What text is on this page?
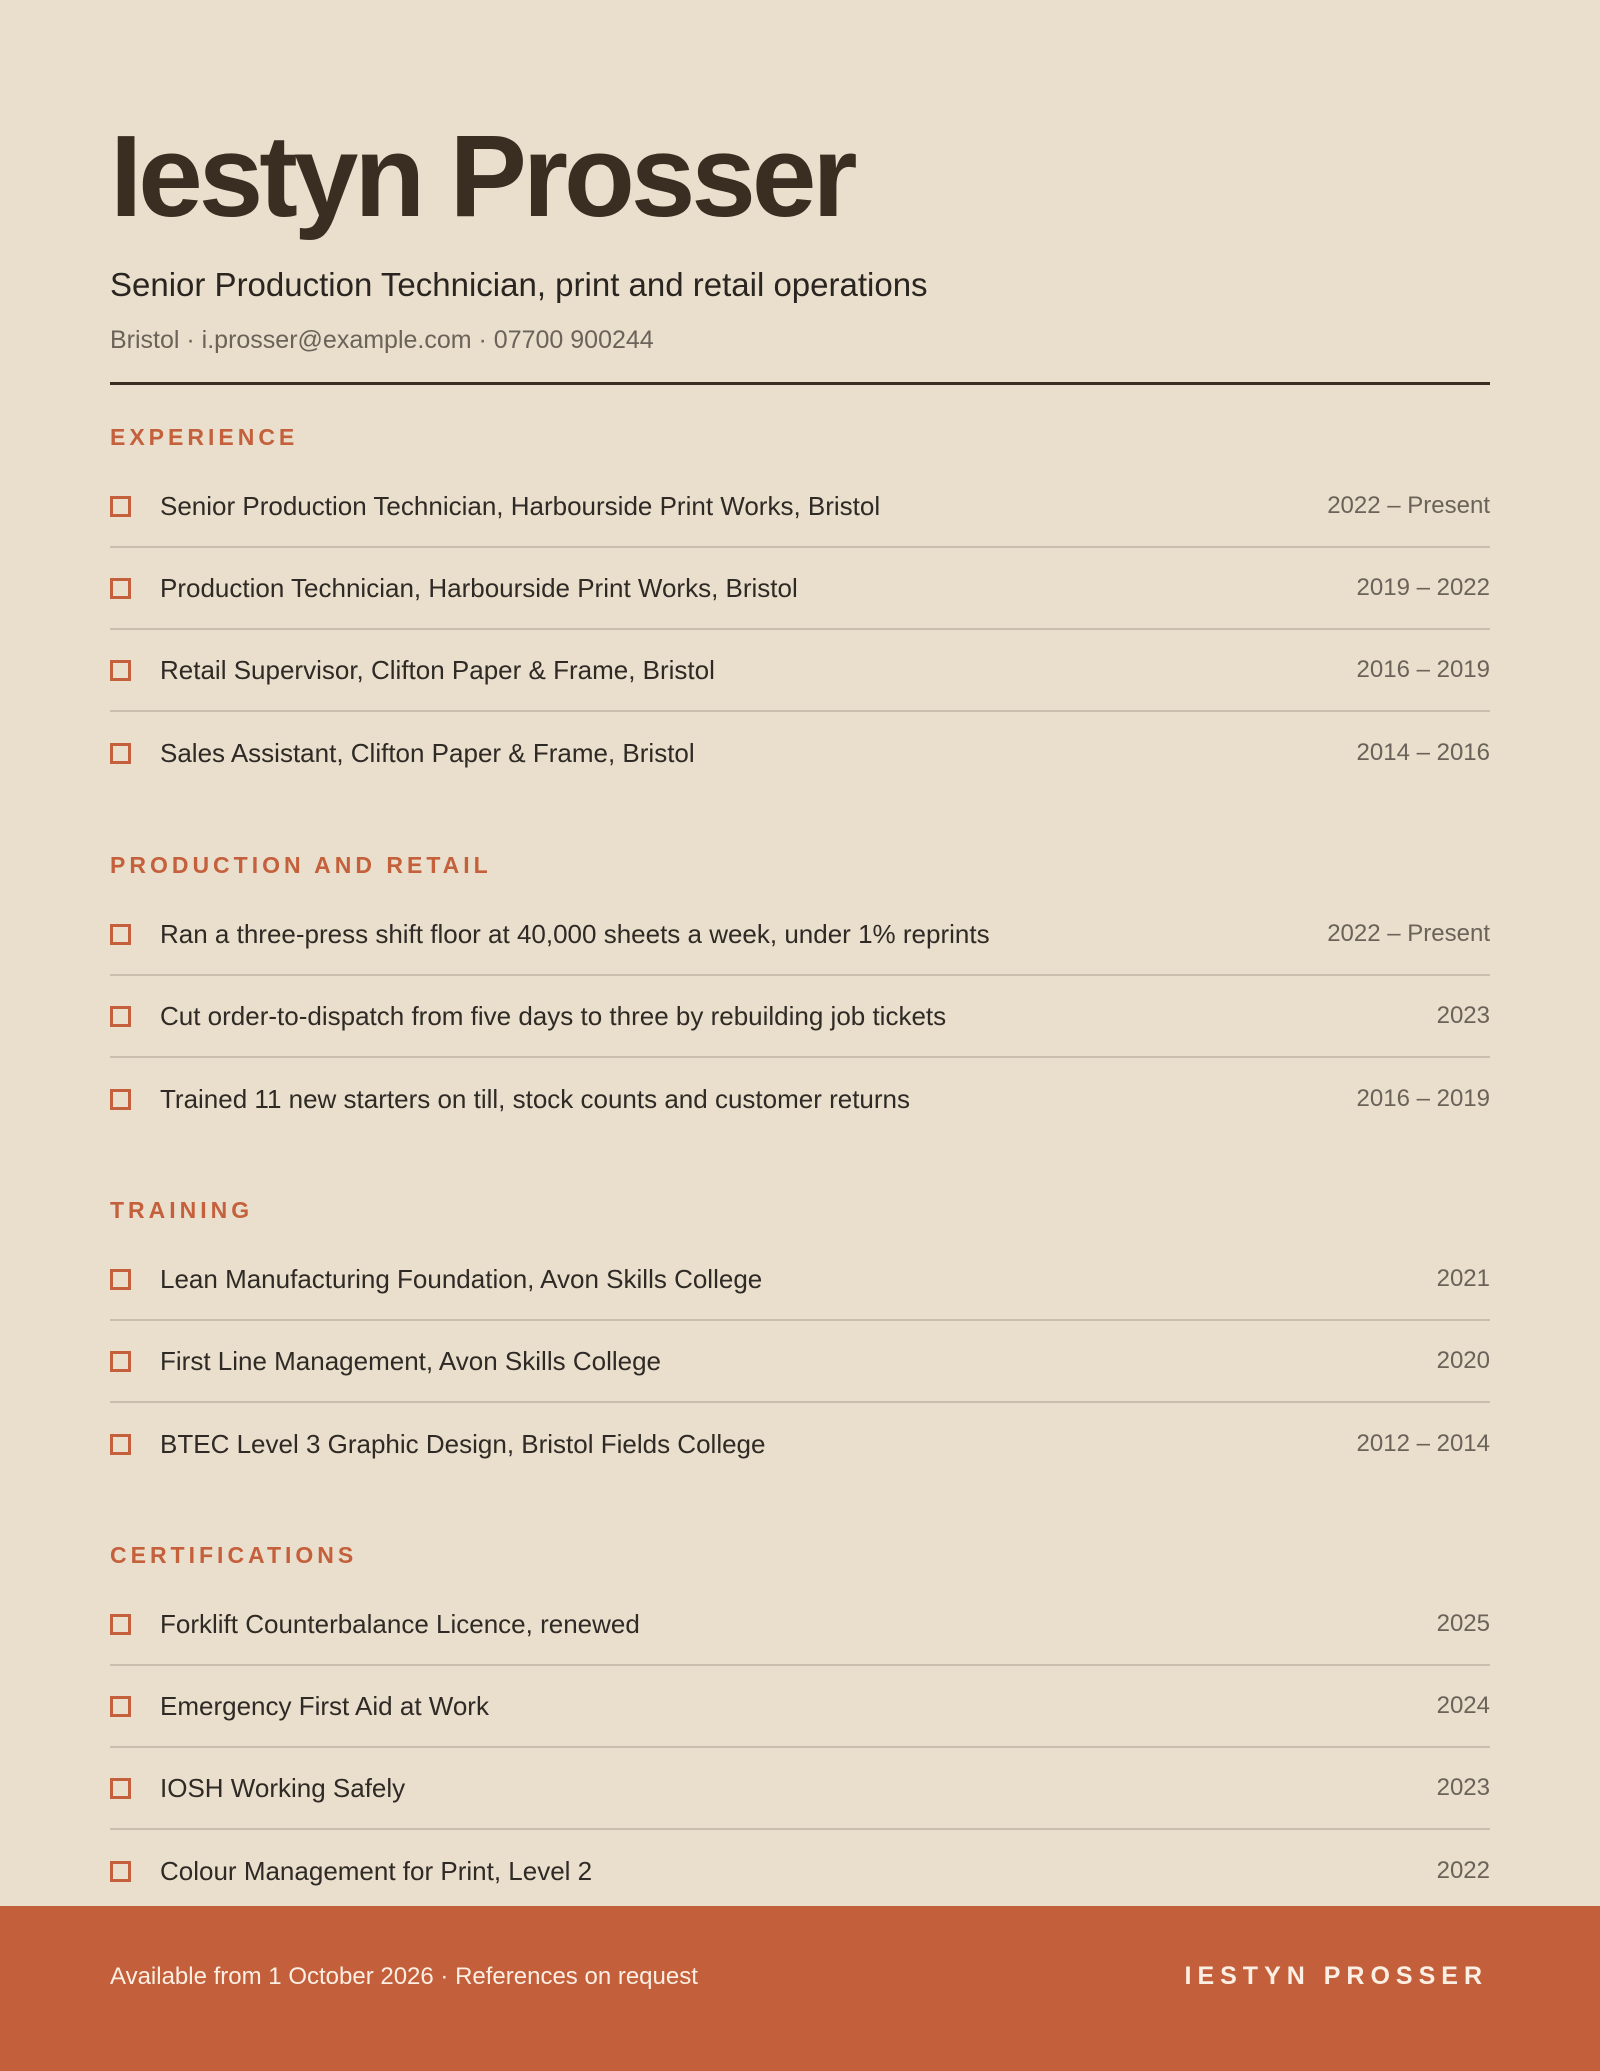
Iestyn Prosser
Senior Production Technician, print and retail operations
Bristol · i.prosser@example.com · 07700 900244
EXPERIENCE
Senior Production Technician, Harbourside Print Works, Bristol	2022 – Present
Production Technician, Harbourside Print Works, Bristol	2019 – 2022
Retail Supervisor, Clifton Paper & Frame, Bristol	2016 – 2019
Sales Assistant, Clifton Paper & Frame, Bristol	2014 – 2016
PRODUCTION AND RETAIL
Ran a three-press shift floor at 40,000 sheets a week, under 1% reprints	2022 – Present
Cut order-to-dispatch from five days to three by rebuilding job tickets	2023
Trained 11 new starters on till, stock counts and customer returns	2016 – 2019
TRAINING
Lean Manufacturing Foundation, Avon Skills College	2021
First Line Management, Avon Skills College	2020
BTEC Level 3 Graphic Design, Bristol Fields College	2012 – 2014
CERTIFICATIONS
Forklift Counterbalance Licence, renewed	2025
Emergency First Aid at Work	2024
IOSH Working Safely	2023
Colour Management for Print, Level 2	2022
Available from 1 October 2026 · References on request	IESTYN PROSSER
